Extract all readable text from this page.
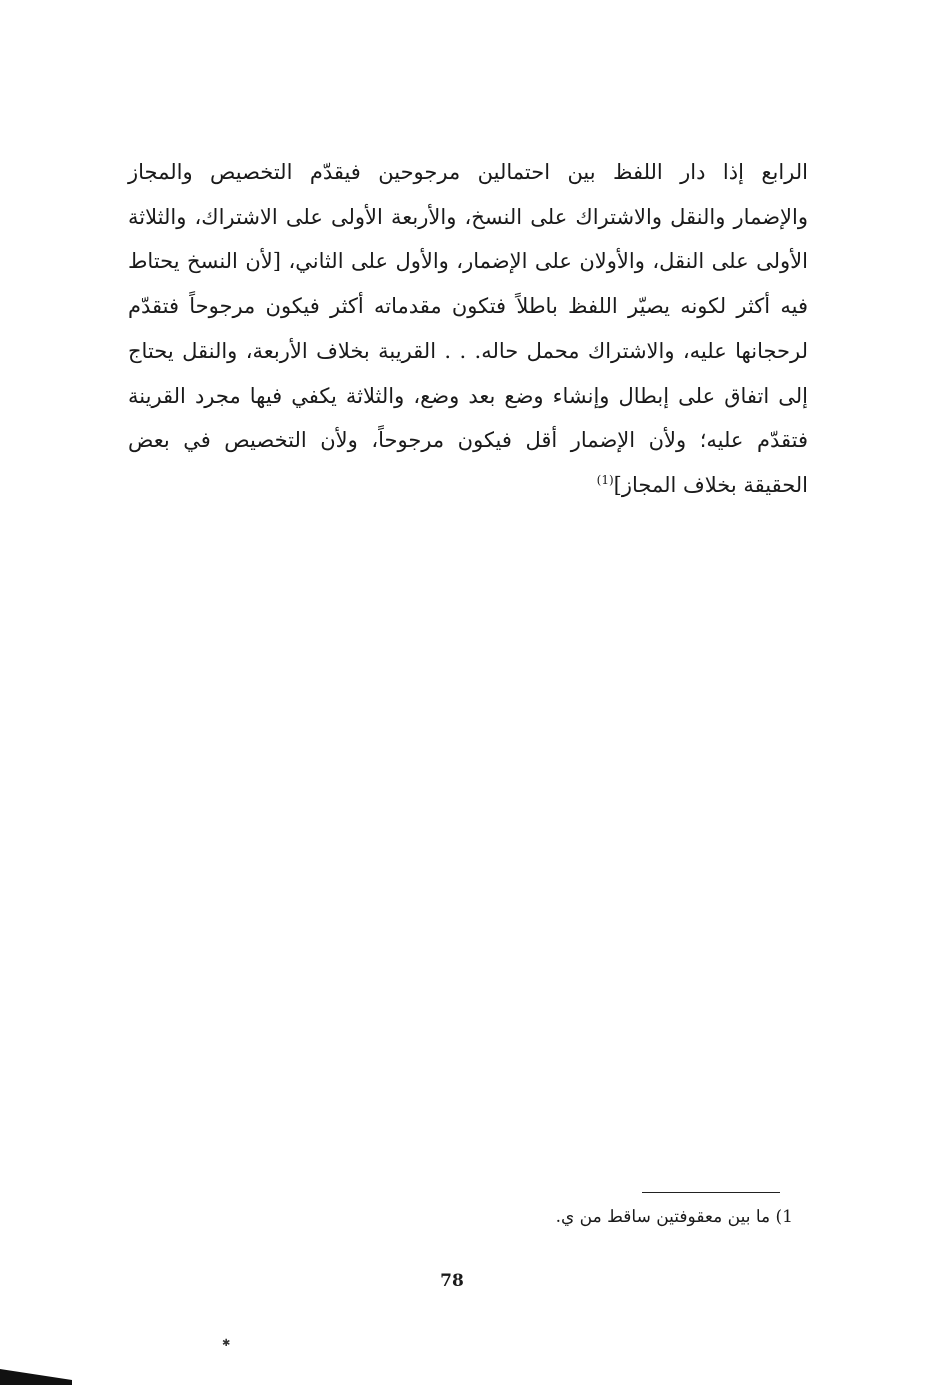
الرابع إذا دار اللفظ بين احتمالين مرجوحين فيقدّم التخصيص والمجاز
والإضمار والنقل والاشتراك على النسخ، والأربعة الأولى على الاشتراك، والثلاثة
الأولى على النقل، والأولان على الإضمار، والأول على الثاني، [لأن النسخ يحتاط
فيه أكثر لكونه يصيّر اللفظ باطلاً فتكون مقدماته أكثر فيكون مرجوحاً فتقدّم
لرحجانها عليه، والاشتراك محمل حاله. . . القريبة بخلاف الأربعة، والنقل يحتاج
إلى اتفاق على إبطال وإنشاء وضع بعد وضع، والثلاثة يكفي فيها مجرد القرينة
فتقدّم عليه؛ ولأن الإضمار أقل فيكون مرجوحاً، ولأن التخصيص في بعض
الحقيقة بخلاف المجاز]$^{(1)}$
1) ما بين معقوفتين ساقط من ي.
78
✱
